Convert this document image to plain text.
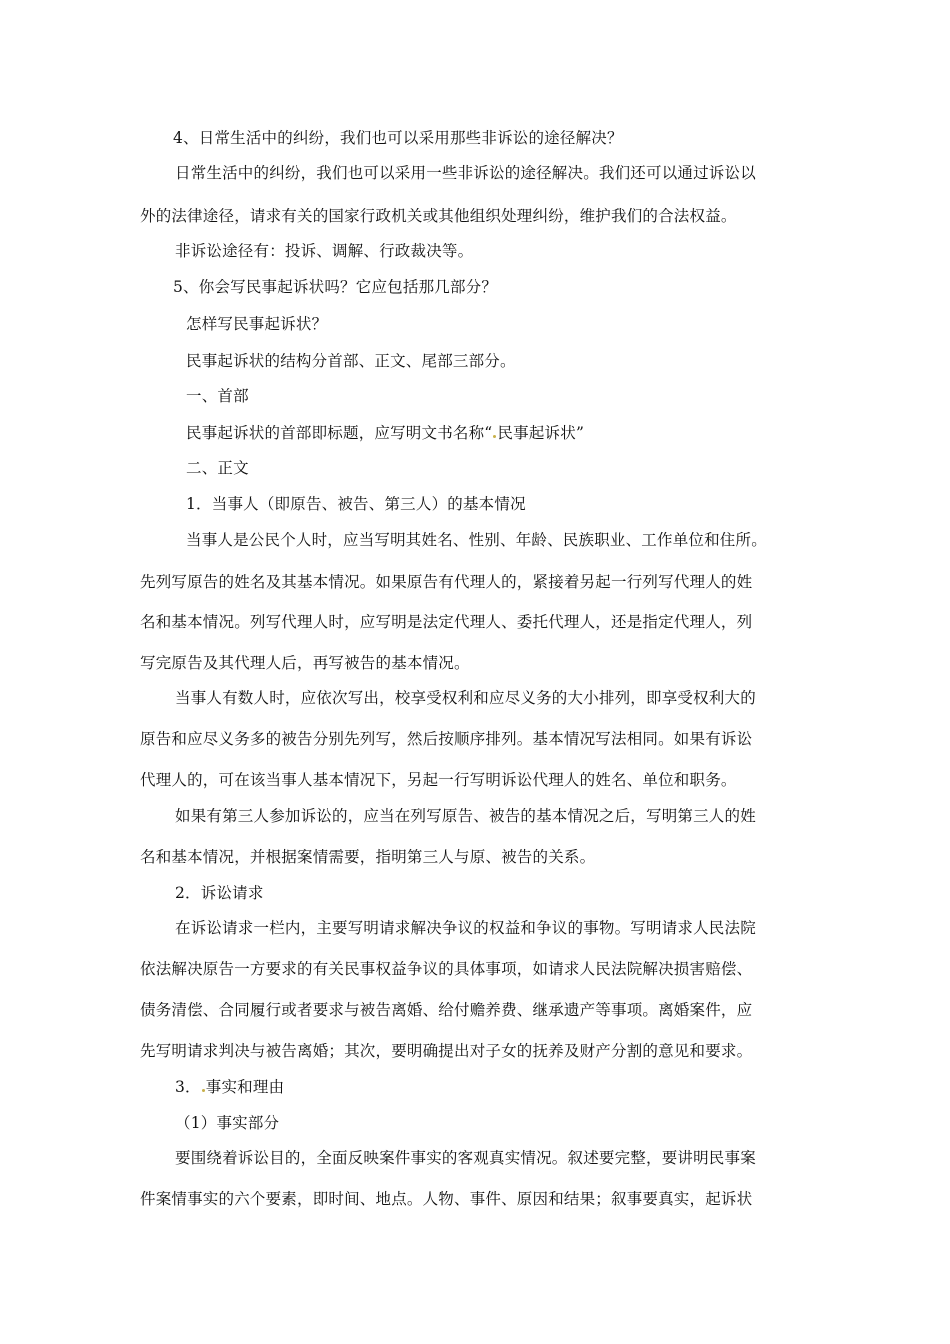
4、日常生活中的纠纷，我们也可以采用那些非诉讼的途径解决？
日常生活中的纠纷，我们也可以采用一些非诉讼的途径解决。我们还可以通过诉讼以
外的法律途径，请求有关的国家行政机关或其他组织处理纠纷，维护我们的合法权益。
非诉讼途径有：投诉、调解、行政裁决等。
5、你会写民事起诉状吗？它应包括那几部分？
怎样写民事起诉状？
民事起诉状的结构分首部、正文、尾部三部分。
一、首部
民事起诉状的首部即标题，应写明文书名称“ 民事起诉状”
二、正文
1．当事人（即原告、被告、第三人）的基本情况
当事人是公民个人时，应当写明其姓名、性别、年龄、民族职业、工作单位和住所。
先列写原告的姓名及其基本情况。如果原告有代理人的，紧接着另起一行列写代理人的姓
名和基本情况。列写代理人时，应写明是法定代理人、委托代理人，还是指定代理人，列
写完原告及其代理人后，再写被告的基本情况。
当事人有数人时，应依次写出，校享受权利和应尽义务的大小排列，即享受权利大的
原告和应尽义务多的被告分别先列写，然后按顺序排列。基本情况写法相同。如果有诉讼
代理人的，可在该当事人基本情况下，另起一行写明诉讼代理人的姓名、单位和职务。
如果有第三人参加诉讼的，应当在列写原告、被告的基本情况之后，写明第三人的姓
名和基本情况，并根据案情需要，指明第三人与原、被告的关系。
2．诉讼请求
在诉讼请求一栏内，主要写明请求解决争议的权益和争议的事物。写明请求人民法院
依法解决原告一方要求的有关民事权益争议的具体事项，如请求人民法院解决损害赔偿、
债务清偿、合同履行或者要求与被告离婚、给付赡养费、继承遗产等事项。离婚案件，应
先写明请求判决与被告离婚；其次，要明确提出对子女的抚养及财产分割的意见和要求。
3． 事实和理由
（1）事实部分
要围绕着诉讼目的，全面反映案件事实的客观真实情况。叙述要完整，要讲明民事案
件案情事实的六个要素，即时间、地点。人物、事件、原因和结果；叙事要真实，起诉状
